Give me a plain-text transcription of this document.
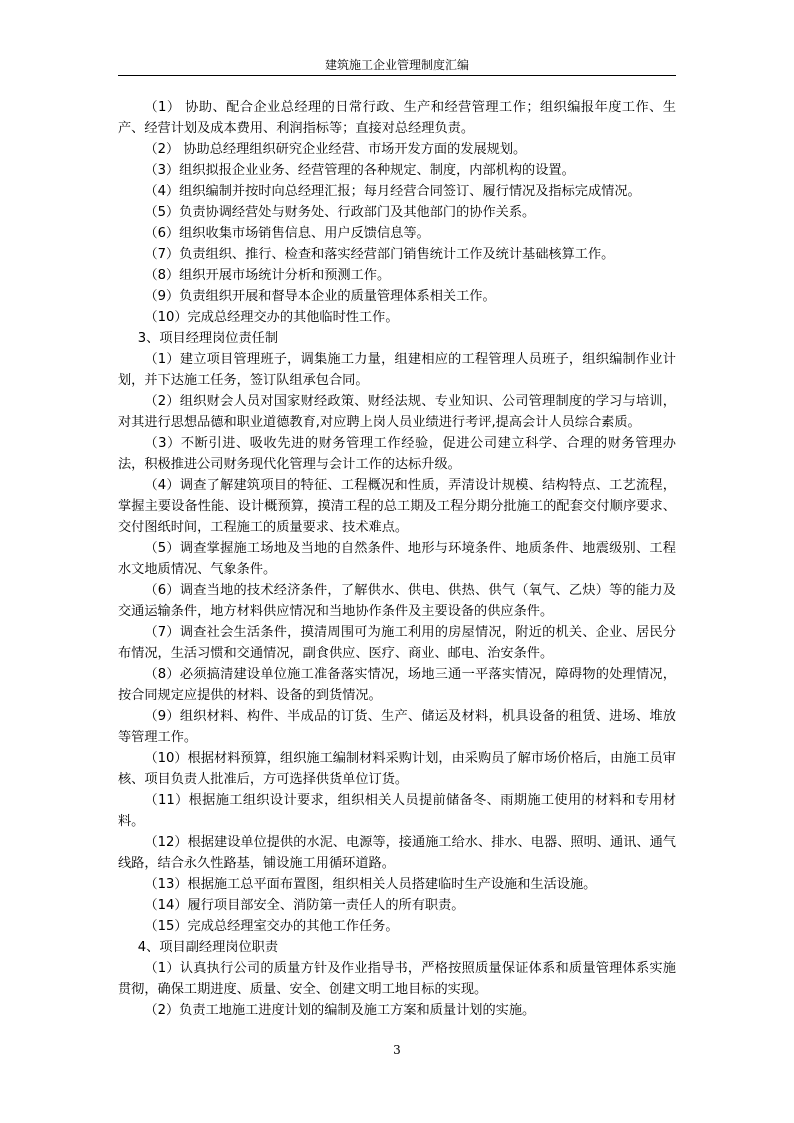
建筑施工企业管理制度汇编

（1） 协助、配合企业总经理的日常行政、生产和经营管理工作；组织编报年度工作、生产、经营计划及成本费用、利润指标等；直接对总经理负责。

（2） 协助总经理组织研究企业经营、市场开发方面的发展规划。

（3）组织拟报企业业务、经营管理的各种规定、制度，内部机构的设置。

（4）组织编制并按时向总经理汇报；每月经营合同签订、履行情况及指标完成情况。

（5）负责协调经营处与财务处、行政部门及其他部门的协作关系。

（6）组织收集市场销售信息、用户反馈信息等。

（7）负责组织、推行、检查和落实经营部门销售统计工作及统计基础核算工作。

（8）组织开展市场统计分析和预测工作。

（9）负责组织开展和督导本企业的质量管理体系相关工作。

（10）完成总经理交办的其他临时性工作。

3、项目经理岗位责任制

（1）建立项目管理班子，调集施工力量，组建相应的工程管理人员班子，组织编制作业计划，并下达施工任务，签订队组承包合同。

（2）组织财会人员对国家财经政策、财经法规、专业知识、公司管理制度的学习与培训，对其进行思想品德和职业道德教育,对应聘上岗人员业绩进行考评,提高会计人员综合素质。

（3）不断引进、吸收先进的财务管理工作经验，促进公司建立科学、合理的财务管理办法，积极推进公司财务现代化管理与会计工作的达标升级。

（4）调查了解建筑项目的特征、工程概况和性质，弄清设计规模、结构特点、工艺流程，掌握主要设备性能、设计概预算，摸清工程的总工期及工程分期分批施工的配套交付顺序要求、交付图纸时间，工程施工的质量要求、技术难点。

（5）调查掌握施工场地及当地的自然条件、地形与环境条件、地质条件、地震级别、工程水文地质情况、气象条件。

（6）调查当地的技术经济条件，了解供水、供电、供热、供气（氧气、乙炔）等的能力及交通运输条件，地方材料供应情况和当地协作条件及主要设备的供应条件。

（7）调查社会生活条件，摸清周围可为施工利用的房屋情况，附近的机关、企业、居民分布情况，生活习惯和交通情况，副食供应、医疗、商业、邮电、治安条件。

（8）必须搞清建设单位施工准备落实情况，场地三通一平落实情况，障碍物的处理情况，按合同规定应提供的材料、设备的到货情况。

（9）组织材料、构件、半成品的订货、生产、储运及材料，机具设备的租赁、进场、堆放等管理工作。

（10）根据材料预算，组织施工编制材料采购计划，由采购员了解市场价格后，由施工员审核、项目负责人批准后，方可选择供货单位订货。

（11）根据施工组织设计要求，组织相关人员提前储备冬、雨期施工使用的材料和专用材料。

（12）根据建设单位提供的水泥、电源等，接通施工给水、排水、电器、照明、通讯、通气线路，结合永久性路基，铺设施工用循环道路。

（13）根据施工总平面布置图，组织相关人员搭建临时生产设施和生活设施。

（14）履行项目部安全、消防第一责任人的所有职责。

（15）完成总经理室交办的其他工作任务。

4、项目副经理岗位职责

（1）认真执行公司的质量方针及作业指导书，严格按照质量保证体系和质量管理体系实施贯彻，确保工期进度、质量、安全、创建文明工地目标的实现。

（2）负责工地施工进度计划的编制及施工方案和质量计划的实施。

3
